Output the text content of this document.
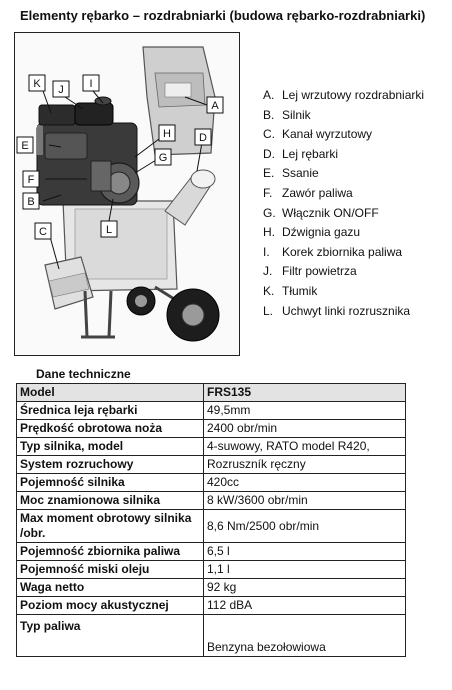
Elementy rębarko – rozdrabniarki (budowa rębarko-rozdrabniarki)
K J I
A
E
H	D
G
F
B
L
C
A. Lej wrzutowy rozdrabniarki
B. Silnik
C. Kanał wyrzutowy
D. Lej rębarki
E. Ssanie
F. Zawór paliwa
G. Włącznik ON/OFF
H. Dźwignia gazu
I. Korek zbiornika paliwa
J. Filtr powietrza
K. Tłumik
L. Uchwyt linki rozrusznika
Dane techniczne
Model	FRS135
Średnica leja rębarki	49,5mm
Prędkość obrotowa noża	2400 obr/min
Typ silnika, model	4-suwowy, RATO model R420,
System rozruchowy	Rozruszník ręczny
Pojemność silnika	420cc
Moc znamionowa silnika	8 kW/3600 obr/min
Max moment obrotowy silnika /obr.	8,6 Nm/2500 obr/min
Pojemność zbiornika paliwa	6,5 l
Pojemność miski oleju	1,1 l
Waga netto	92 kg
Poziom mocy akustycznej	112 dBA
Typ paliwa	Benzyna bezołowiowa
